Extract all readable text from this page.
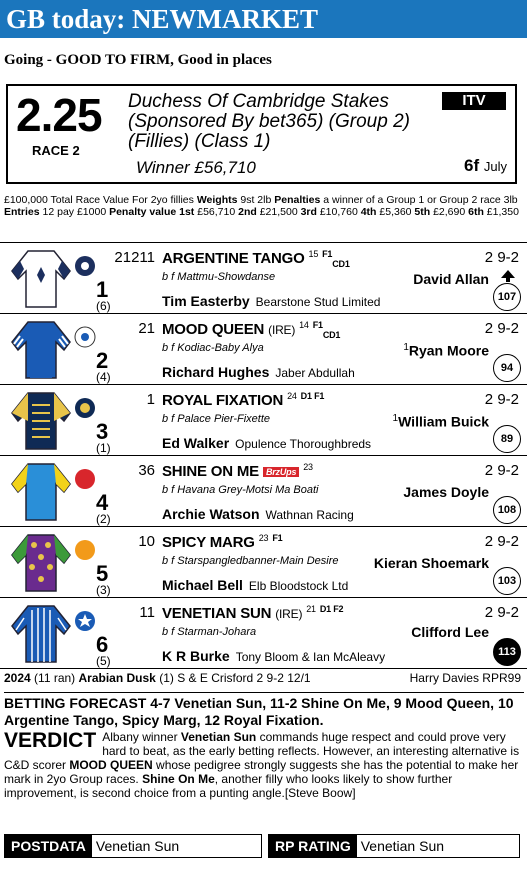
GB today: NEWMARKET
Going - GOOD TO FIRM, Good in places
2.25
RACE 2
Duchess Of Cambridge Stakes (Sponsored By bet365) (Group 2) (Fillies) (Class 1)
Winner £56,710
ITV
6f July
£100,000 Total Race Value For 2yo fillies Weights 9st 2lb Penalties a winner of a Group 1 or Group 2 race 3lb Entries 12 pay £1000 Penalty value 1st £56,710 2nd £21,500 3rd £10,760 4th £5,360 5th £2,690 6th £1,350
1
(6)
21211 ARGENTINE TANGO $^{15}$ $^{F1}_{CD1}$
b f Mattmu-Showdanse
Tim Easterby Bearstone Stud Limited
2 9-2
David Allan
107
2
(4)
21 MOOD QUEEN (IRE) $^{14}$ $^{F1}_{CD1}$
b f Kodiac-Baby Alya
Richard Hughes Jaber Abdullah
2 9-2
$^1$Ryan Moore
94
3
(1)
1 ROYAL FIXATION $^{24}$ $^{D1 F1}$
b f Palace Pier-Fixette
Ed Walker Opulence Thoroughbreds
2 9-2
$^1$William Buick
89
4
(2)
36 SHINE ON ME BrzUps $^{23}$
b f Havana Grey-Motsi Ma Boati
Archie Watson Wathnan Racing
2 9-2
James Doyle
108
5
(3)
10 SPICY MARG $^{23}$ $^{F1}$
b f Starspangledbanner-Main Desire
Michael Bell Elb Bloodstock Ltd
2 9-2
Kieran Shoemark
103
6
(5)
11 VENETIAN SUN (IRE) $^{21}$ $^{D1 F2}$
b f Starman-Johara
K R Burke Tony Bloom & Ian McAleavy
2 9-2
Clifford Lee
113
2024 (11 ran) Arabian Dusk (1) S & E Crisford 2 9-2 12/1	Harry Davies RPR99
BETTING FORECAST 4-7 Venetian Sun, 11-2 Shine On Me, 9 Mood Queen, 10 Argentine Tango, Spicy Marg, 12 Royal Fixation.
VERDICT Albany winner Venetian Sun commands huge respect and could prove very hard to beat, as the early betting reflects. However, an interesting alternative is C&D scorer MOOD QUEEN whose pedigree strongly suggests she has the potential to make her mark in 2yo Group races. Shine On Me, another filly who looks likely to show further improvement, is second choice from a punting angle.[Steve Boow]
POSTDATA Venetian Sun	RP RATING Venetian Sun
